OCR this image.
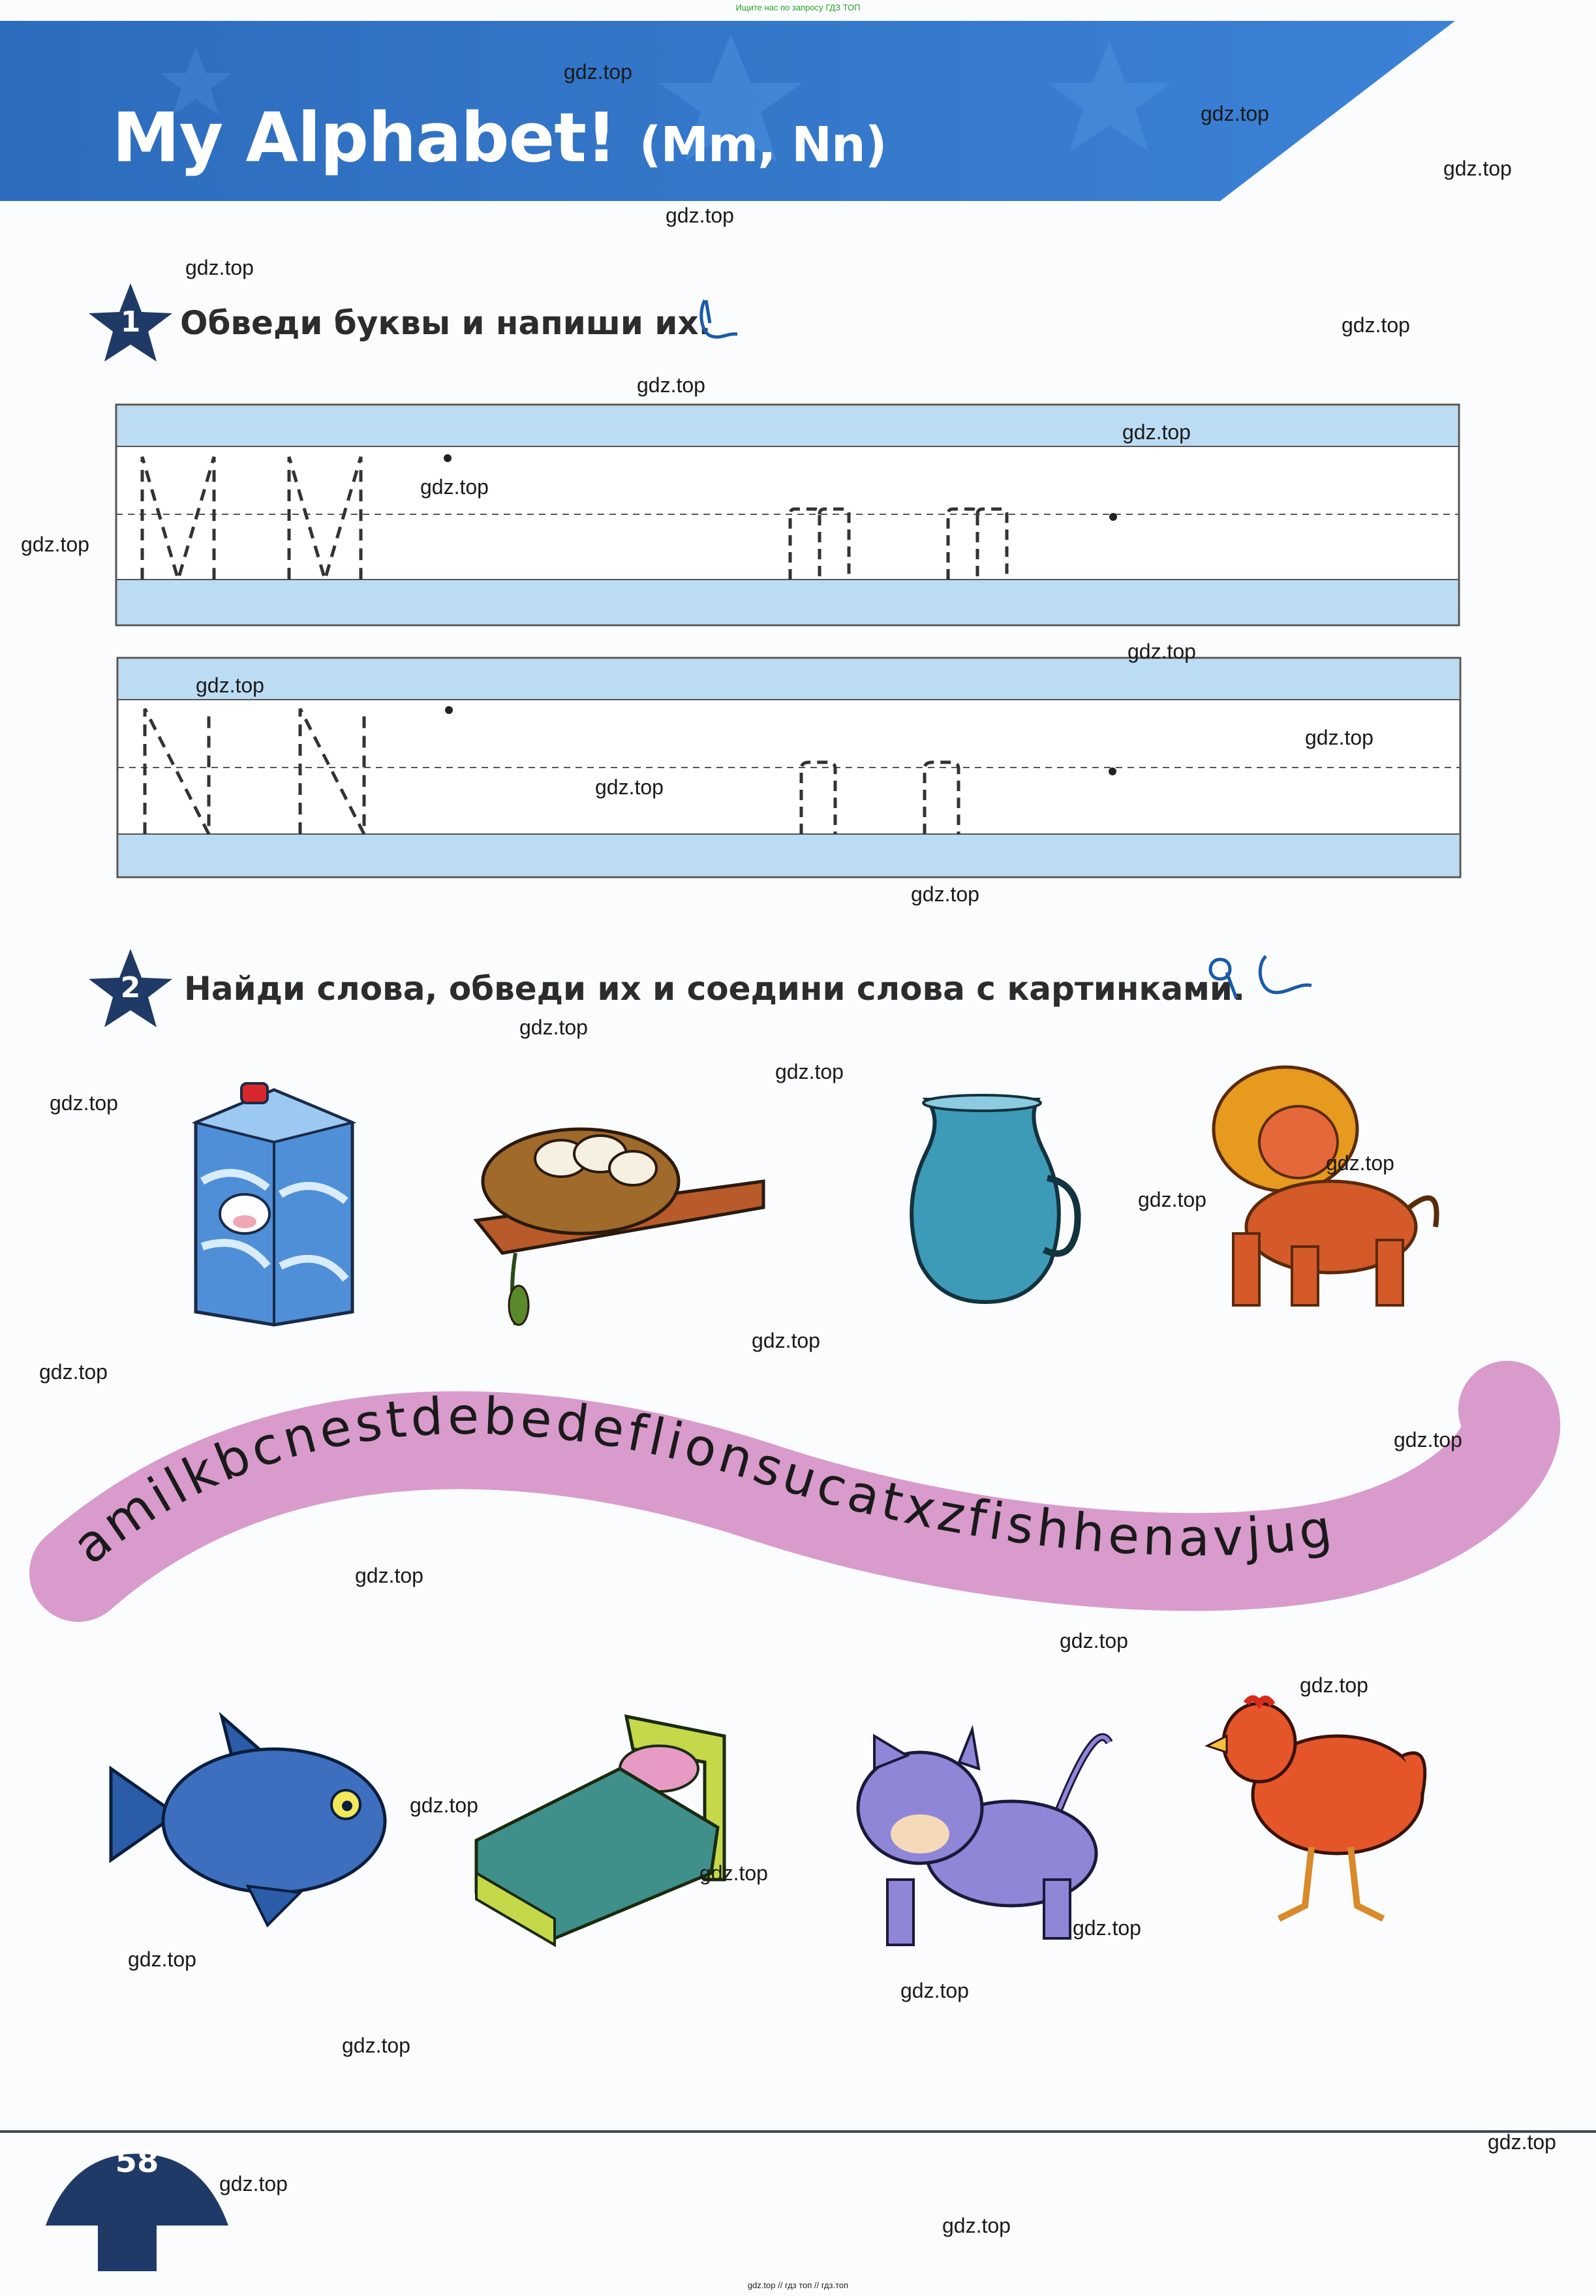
Ищите нас по запросу ГДЗ ТОП
My Alphabet! (Mm, Nn)
1	Обведи буквы и напиши их.
2	Найди слова, обведи их и соедини слова с картинками.
amilkbcnestdebedeflionsucatxzfishhenavjug
58
gdz.top // гдз топ // гдз.топ
gdz.top
gdz.top
gdz.top
gdz.top
gdz.top
gdz.top
gdz.top
gdz.top
gdz.top
gdz.top
gdz.top
gdz.top
gdz.top
gdz.top
gdz.top
gdz.top
gdz.top
gdz.top
gdz.top
gdz.top
gdz.top
gdz.top
gdz.top
gdz.top
gdz.top
gdz.top
gdz.top
gdz.top
gdz.top
gdz.top
gdz.top
gdz.top
gdz.top
gdz.top
gdz.top
